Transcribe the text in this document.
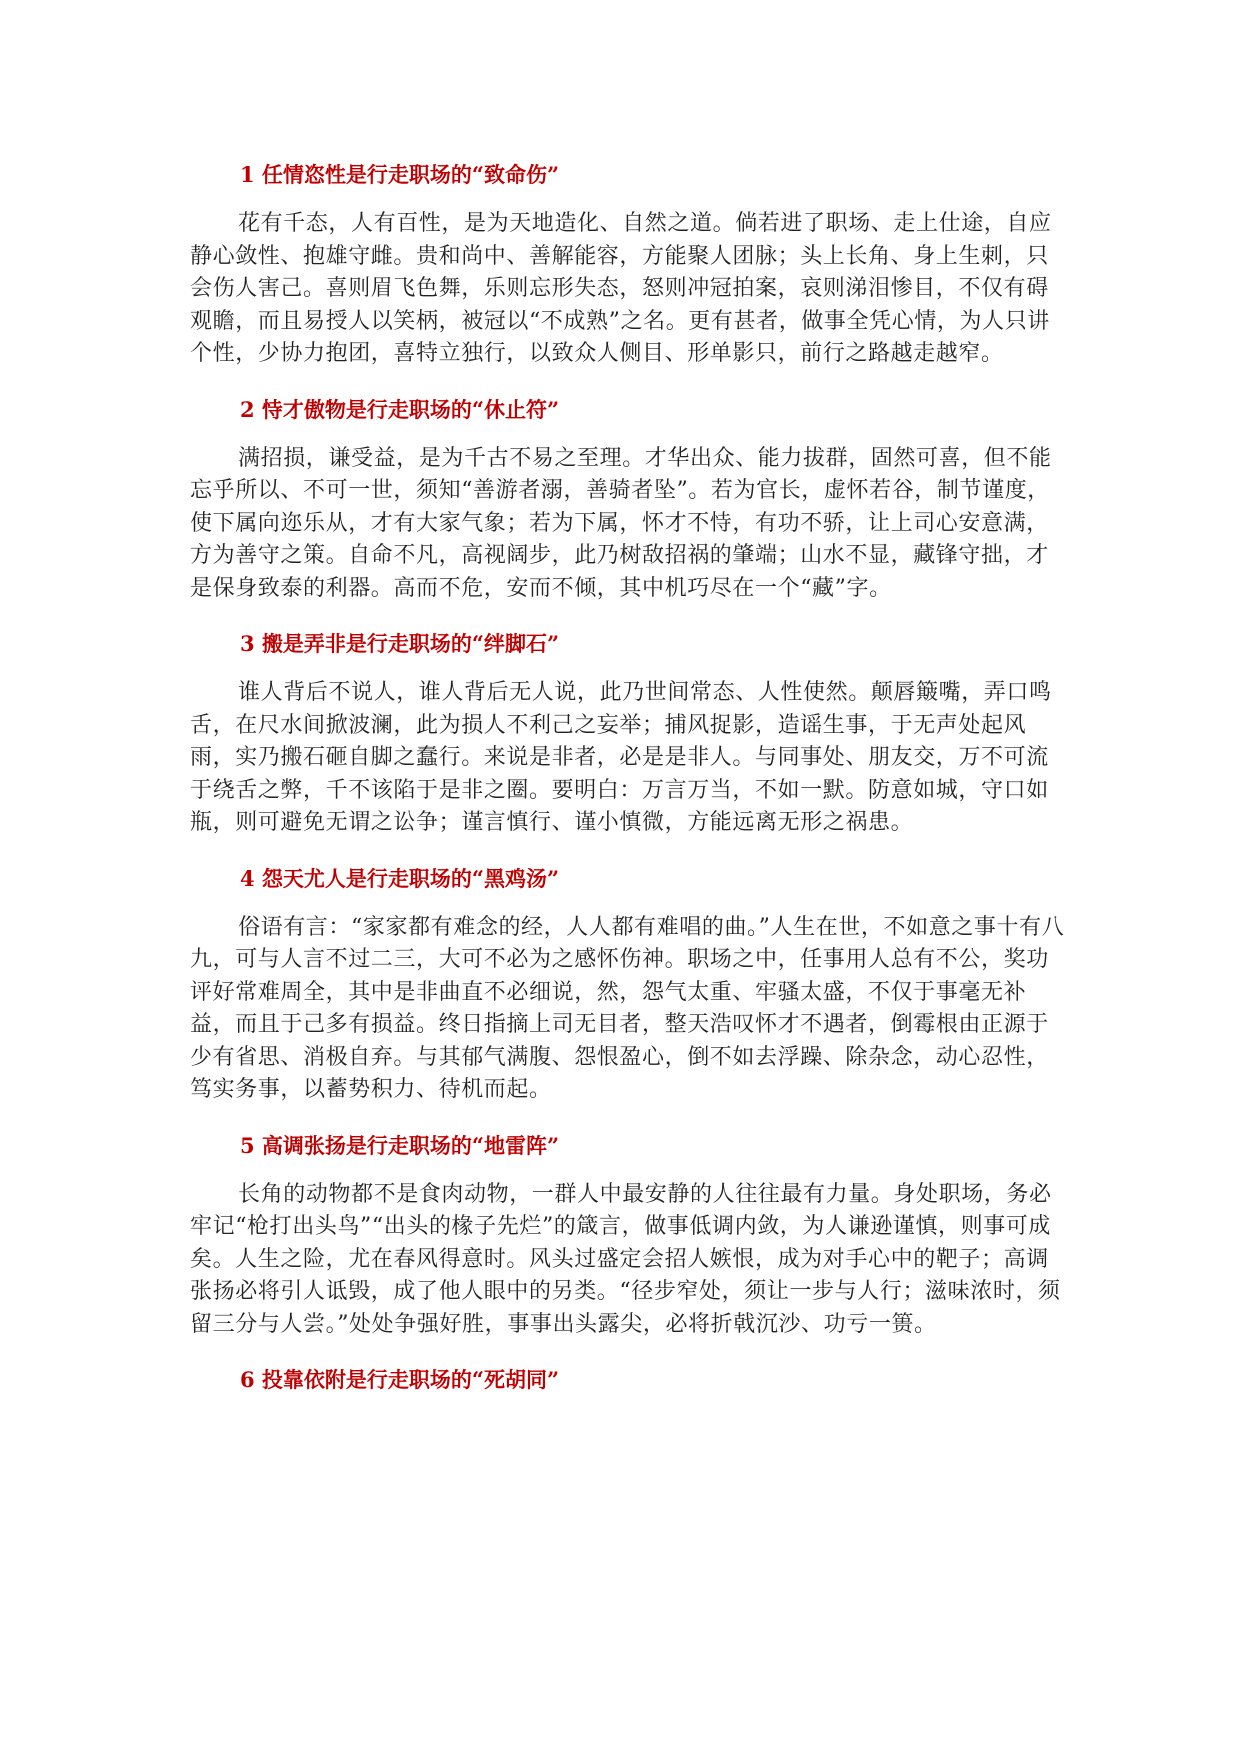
1 任情恣性是行走职场的“致命伤”

花有千态，人有百性，是为天地造化、自然之道。倘若进了职场、走上仕途，自应静心敛性、抱雄守雌。贵和尚中、善解能容，方能聚人团脉；头上长角、身上生刺，只会伤人害己。喜则眉飞色舞，乐则忘形失态，怒则冲冠拍案，哀则涕泪惨目，不仅有碍观瞻，而且易授人以笑柄，被冠以“不成熟”之名。更有甚者，做事全凭心情，为人只讲个性，少协力抱团，喜特立独行，以致众人侧目、形单影只，前行之路越走越窄。

2 恃才傲物是行走职场的“休止符”

满招损，谦受益，是为千古不易之至理。才华出众、能力拔群，固然可喜，但不能忘乎所以、不可一世，须知“善游者溺，善骑者坠”。若为官长，虚怀若谷，制节谨度，使下属向迩乐从，才有大家气象；若为下属，怀才不恃，有功不骄，让上司心安意满，方为善守之策。自命不凡，高视阔步，此乃树敌招祸的肇端；山水不显，藏锋守拙，才是保身致泰的利器。高而不危，安而不倾，其中机巧尽在一个“藏”字。

3 搬是弄非是行走职场的“绊脚石”

谁人背后不说人，谁人背后无人说，此乃世间常态、人性使然。颠唇簸嘴，弄口鸣舌，在尺水间掀波澜，此为损人不利己之妄举；捕风捉影，造谣生事，于无声处起风雨，实乃搬石砸自脚之蠢行。来说是非者，必是是非人。与同事处、朋友交，万不可流于绕舌之弊，千不该陷于是非之圈。要明白：万言万当，不如一默。防意如城，守口如瓶，则可避免无谓之讼争；谨言慎行、谨小慎微，方能远离无形之祸患。

4 怨天尤人是行走职场的“黑鸡汤”

俗语有言：“家家都有难念的经，人人都有难唱的曲。”人生在世，不如意之事十有八九，可与人言不过二三，大可不必为之感怀伤神。职场之中，任事用人总有不公，奖功评好常难周全，其中是非曲直不必细说，然，怨气太重、牢骚太盛，不仅于事毫无补益，而且于己多有损益。终日指摘上司无目者，整天浩叹怀才不遇者，倒霉根由正源于少有省思、消极自弃。与其郁气满腹、怨恨盈心，倒不如去浮躁、除杂念，动心忍性，笃实务事，以蓄势积力、待机而起。

5 高调张扬是行走职场的“地雷阵”

长角的动物都不是食肉动物，一群人中最安静的人往往最有力量。身处职场，务必牢记“枪打出头鸟”“出头的椽子先烂”的箴言，做事低调内敛，为人谦逊谨慎，则事可成矣。人生之险，尤在春风得意时。风头过盛定会招人嫉恨，成为对手心中的靶子；高调张扬必将引人诋毁，成了他人眼中的另类。“径步窄处，须让一步与人行；滋味浓时，须留三分与人尝。”处处争强好胜，事事出头露尖，必将折戟沉沙、功亏一篑。

6 投靠依附是行走职场的“死胡同”
